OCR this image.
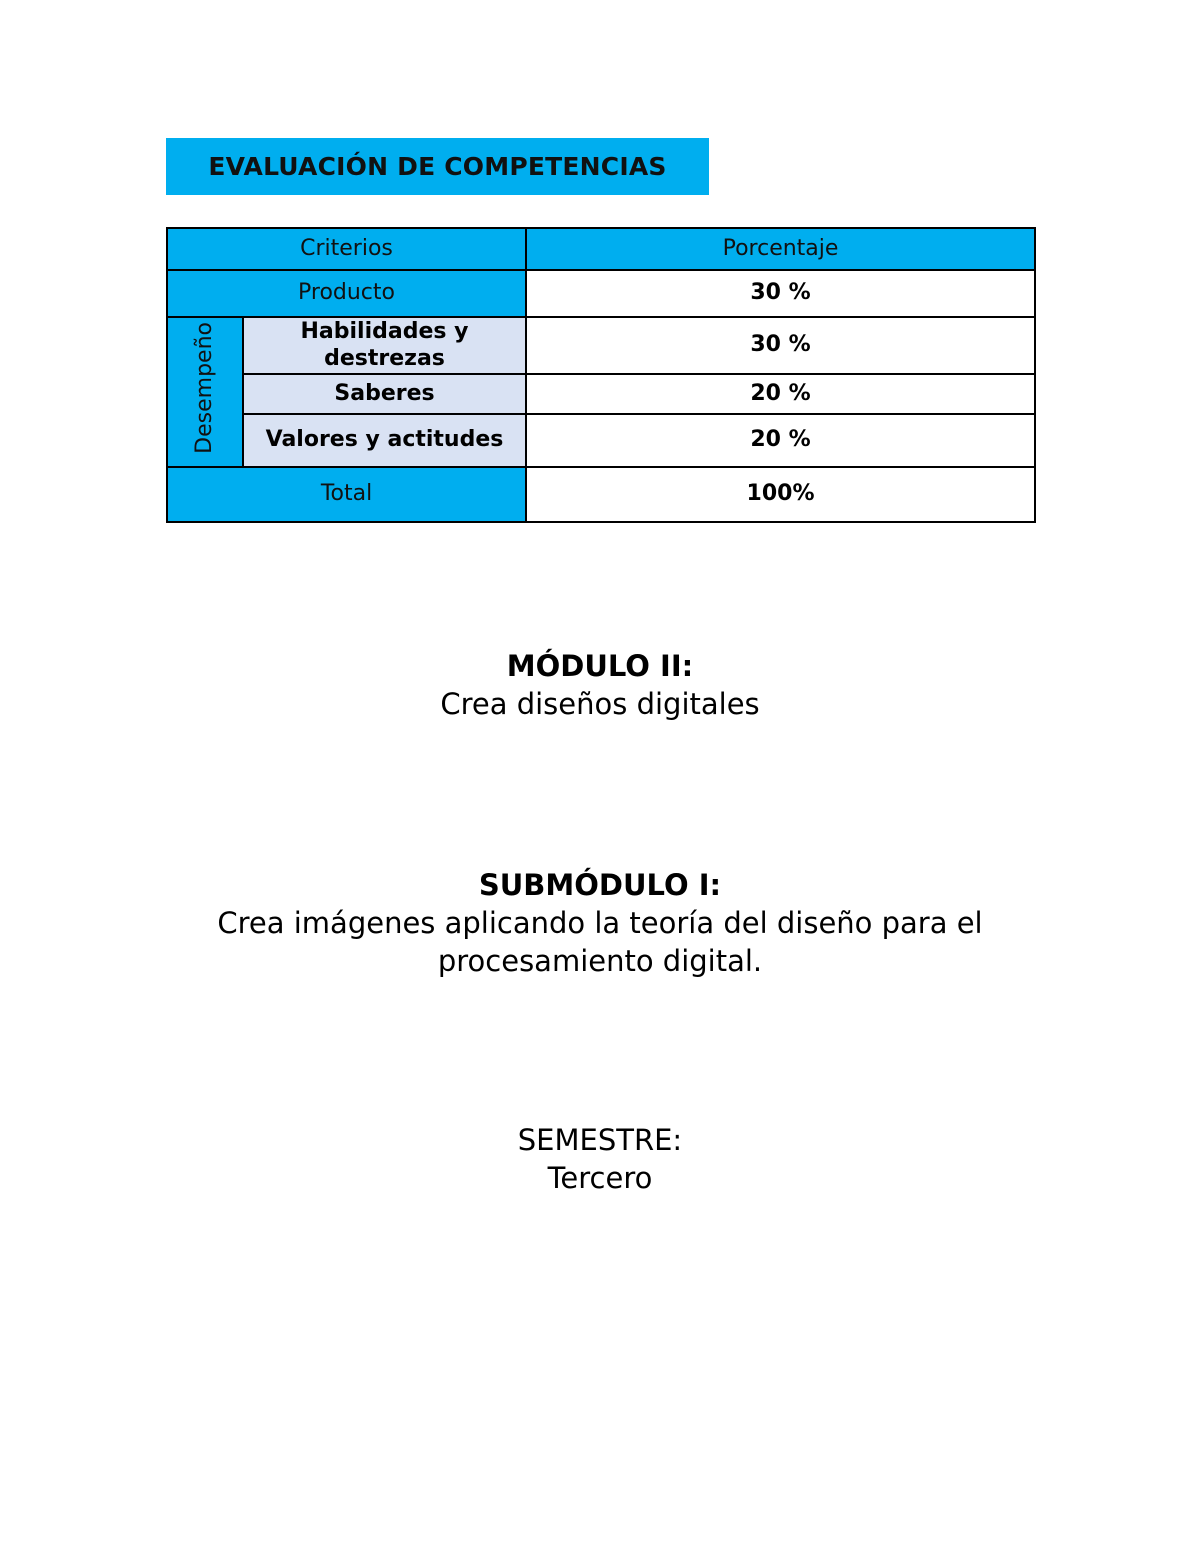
EVALUACIÓN DE COMPETENCIAS
Criterios		Porcentaje
Producto		30 %
Desempeño	Habilidades y destrezas	30 %
	Saberes	20 %
	Valores y actitudes	20 %
Total		100%
MÓDULO II:
Crea diseños digitales
SUBMÓDULO I:
Crea imágenes aplicando la teoría del diseño para el
procesamiento digital.
SEMESTRE:
Tercero
